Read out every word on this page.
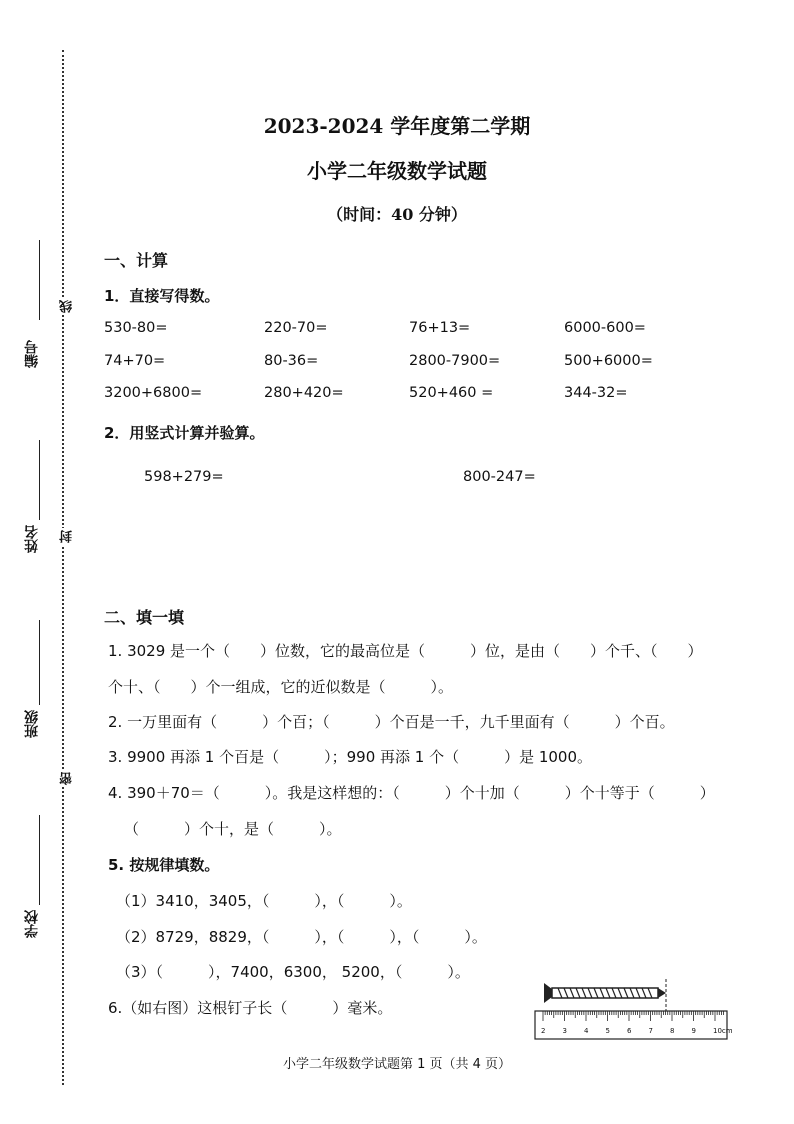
编号
线
姓名 封
班级
密
学校
2023-2024 学年度第二学期
小学二年级数学试题
（时间：40 分钟）
一、计算
1．直接写得数。
530-80=	220-70=	76+13=	6000-600=
74+70=	80-36=	2800-7900=	500+6000=
3200+6800=	280+420=	520+460 =	344-32=
2．用竖式计算并验算。
598+279=	800-247=
二、填一填
1. 3029 是一个（　　）位数，它的最高位是（　　　）位，是由（　　）个千、（　　）
个十、（　　）个一组成，它的近似数是（　　　）。
2. 一万里面有（　　　）个百；（　　　）个百是一千，九千里面有（　　　）个百。
3. 9900 再添 1 个百是（　　　）；990 再添 1 个（　　　）是 1000。
4. 390＋70＝（　　　）。我是这样想的：（　　　）个十加（　　　）个十等于（　　　）
（　　　）个十，是（　　　）。
5. 按规律填数。
（1）3410，3405，（　　　），（　　　）。
（2）8729，8829，（　　　），（　　　），（　　　）。
（3）（　　　），7400，6300， 5200，（　　　）。
6.（如右图）这根钉子长（　　　）毫米。
2 3 4 5 6 7 8 9 10cm
小学二年级数学试题第 1 页（共 4 页）
